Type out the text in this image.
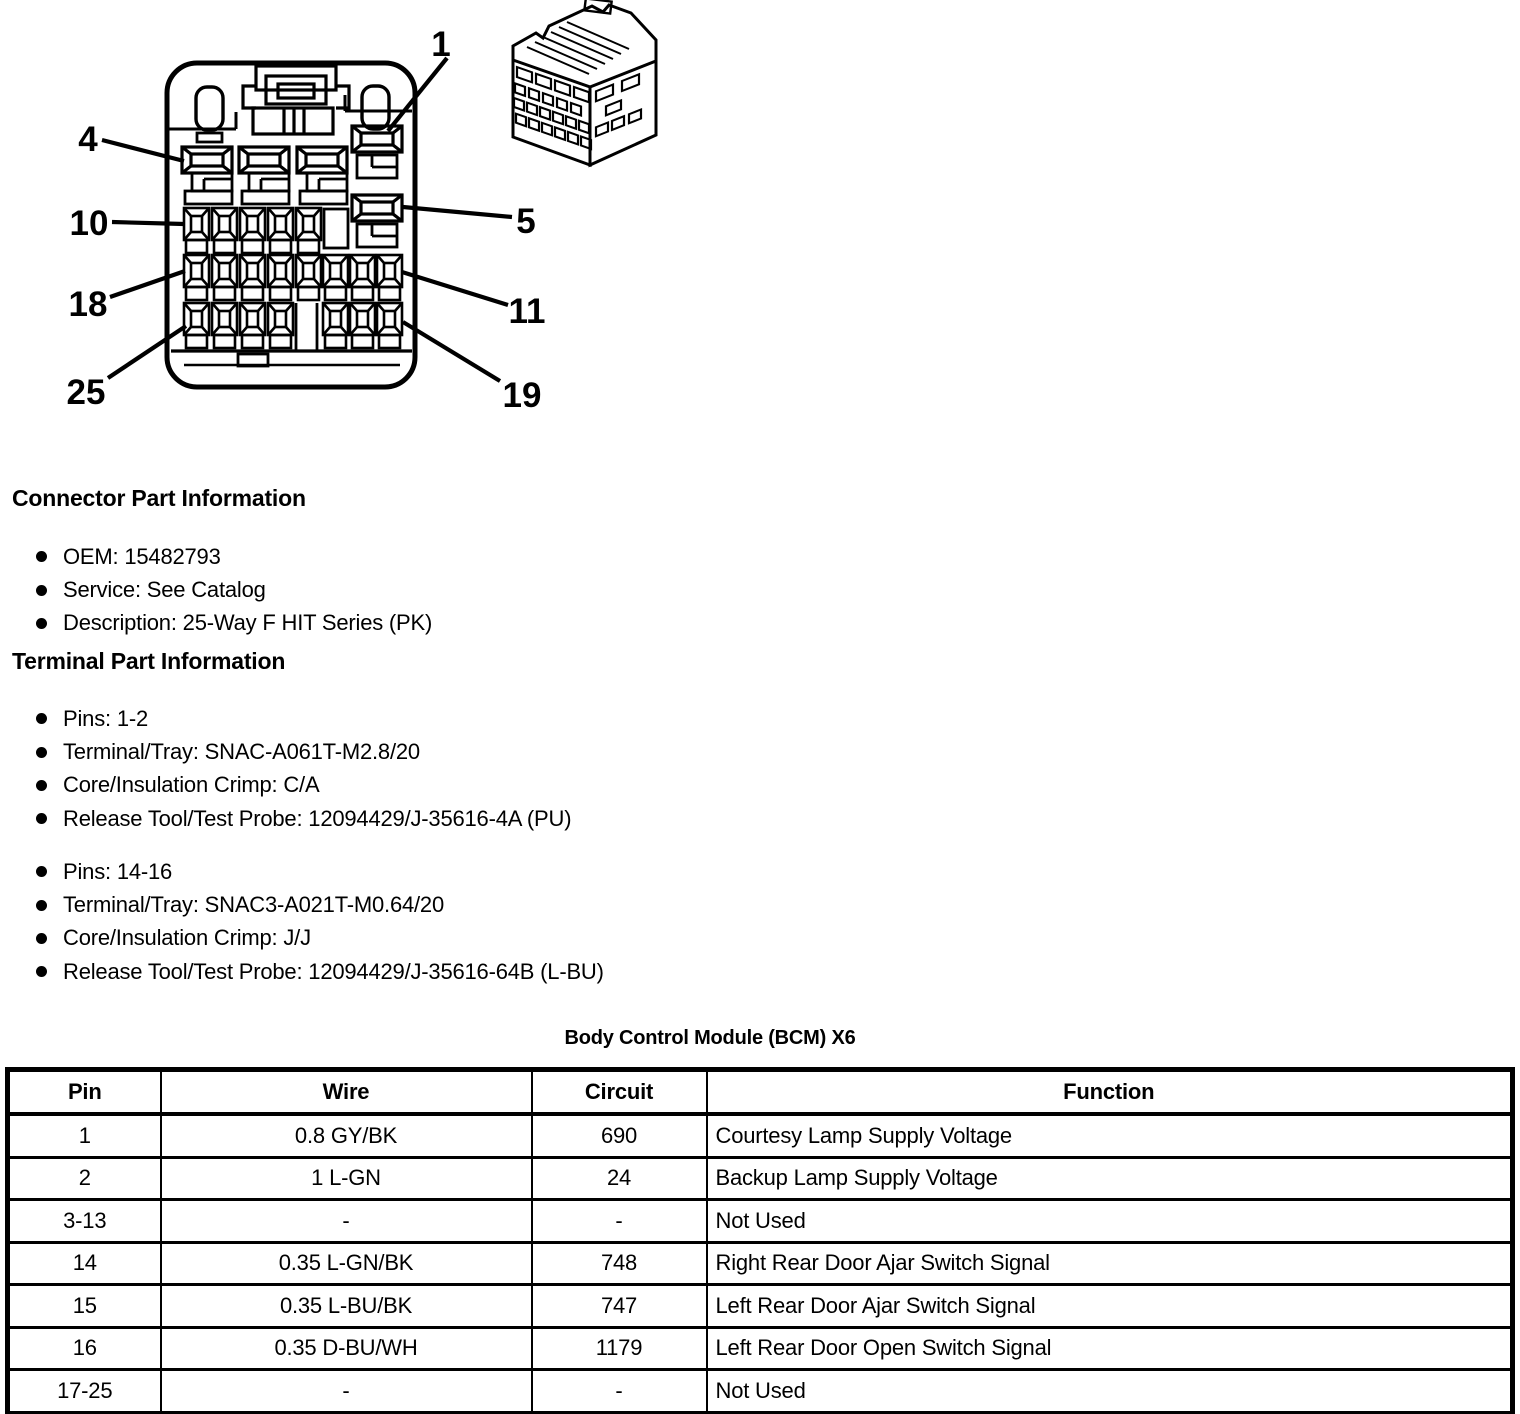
1
4
10
18
25
5
11
19
Connector Part Information
OEM: 15482793
Service: See Catalog
Description: 25-Way F HIT Series (PK)
Terminal Part Information
Pins: 1-2
Terminal/Tray: SNAC-A061T-M2.8/20
Core/Insulation Crimp: C/A
Release Tool/Test Probe: 12094429/J-35616-4A (PU)
Pins: 14-16
Terminal/Tray: SNAC3-A021T-M0.64/20
Core/Insulation Crimp: J/J
Release Tool/Test Probe: 12094429/J-35616-64B (L-BU)
Body Control Module (BCM) X6
Pin	Wire	Circuit	Function
1	0.8 GY/BK	690	Courtesy Lamp Supply Voltage
2	1 L-GN	24	Backup Lamp Supply Voltage
3-13	-	-	Not Used
14	0.35 L-GN/BK	748	Right Rear Door Ajar Switch Signal
15	0.35 L-BU/BK	747	Left Rear Door Ajar Switch Signal
16	0.35 D-BU/WH	1179	Left Rear Door Open Switch Signal
17-25	-	-	Not Used
